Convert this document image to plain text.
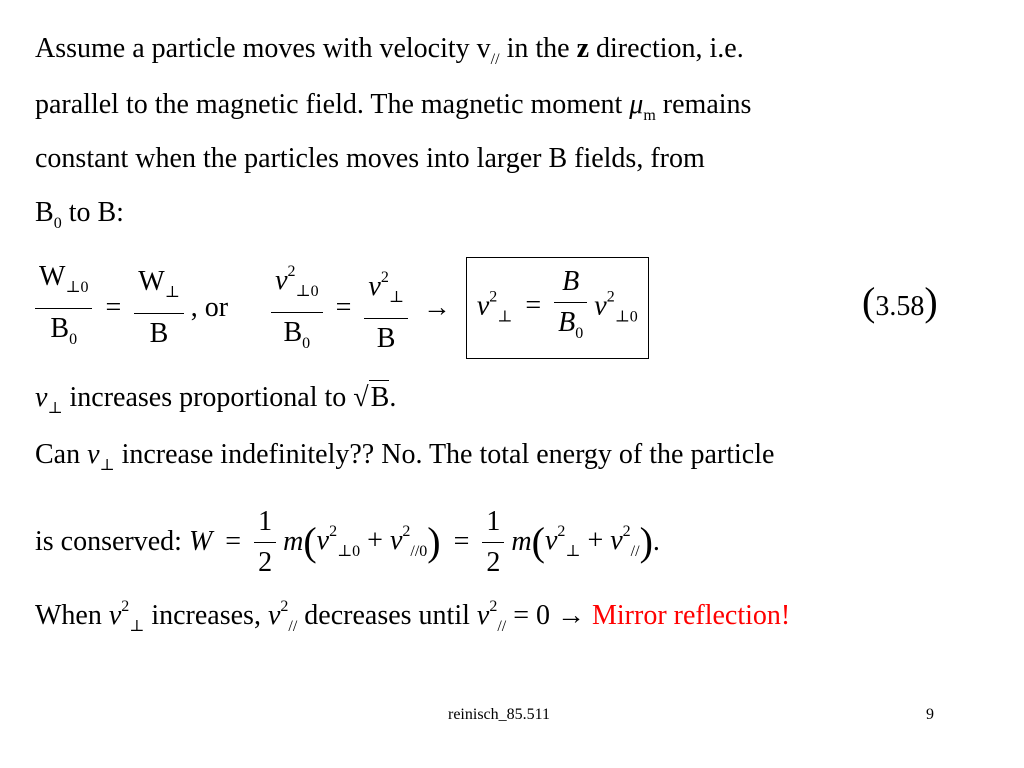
Assume a particle moves with velocity $v_{//}$ in the z direction, i.e.
parallel to the magnetic field. The magnetic moment $\mu_m$ remains
constant when the particles moves into larger B fields, from
$B_0$ to B:
$\frac{W_{\perp 0}}{B_0} = \frac{W_\perp}{B}$ , or $\frac{v^2_{\perp 0}}{B_0} = \frac{v^2_\perp}{B} \to v^2_\perp = \frac{B}{B_0} v^2_{\perp 0}$	(3.58)
$v_\perp$ increases proportional to √B.
Can $v_\perp$ increase indefinitely?? No. The total energy of the particle
is conserved: $W = \frac{1}{2} m(v^2_{\perp 0} + v^2_{//0}) = \frac{1}{2} m(v^2_\perp + v^2_{//})$.
When $v^2_\perp$ increases, $v^2_{//}$ decreases until $v^2_{//} = 0$ → Mirror reflection!
reinisch_85.511	9
